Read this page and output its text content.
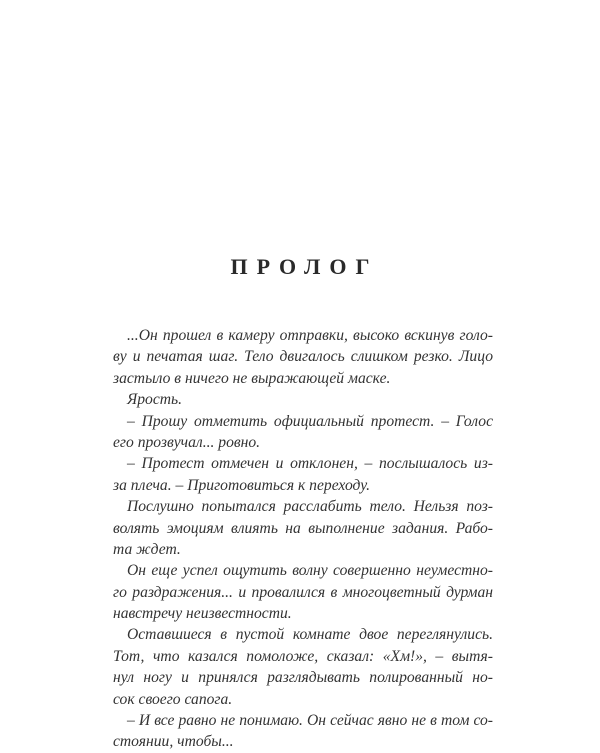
ПРОЛОГ
...Он прошел в камеру отправки, высоко вскинув голо-
ву и печатая шаг. Тело двигалось слишком резко. Лицо
застыло в ничего не выражающей маске.
Ярость.
– Прошу отметить официальный протест. – Голос
его прозвучал... ровно.
– Протест отмечен и отклонен, – послышалось из-
за плеча. – Приготовиться к переходу.
Послушно попытался расслабить тело. Нельзя поз-
волять эмоциям влиять на выполнение задания. Рабо-
та ждет.
Он еще успел ощутить волну совершенно неуместно-
го раздражения... и провалился в многоцветный дурман
навстречу неизвестности.
Оставшиеся в пустой комнате двое переглянулись.
Тот, что казался помоложе, сказал: «Хм!», – вытя-
нул ногу и принялся разглядывать полированный но-
сок своего сапога.
– И все равно не понимаю. Он сейчас явно не в том со-
стоянии, чтобы...
